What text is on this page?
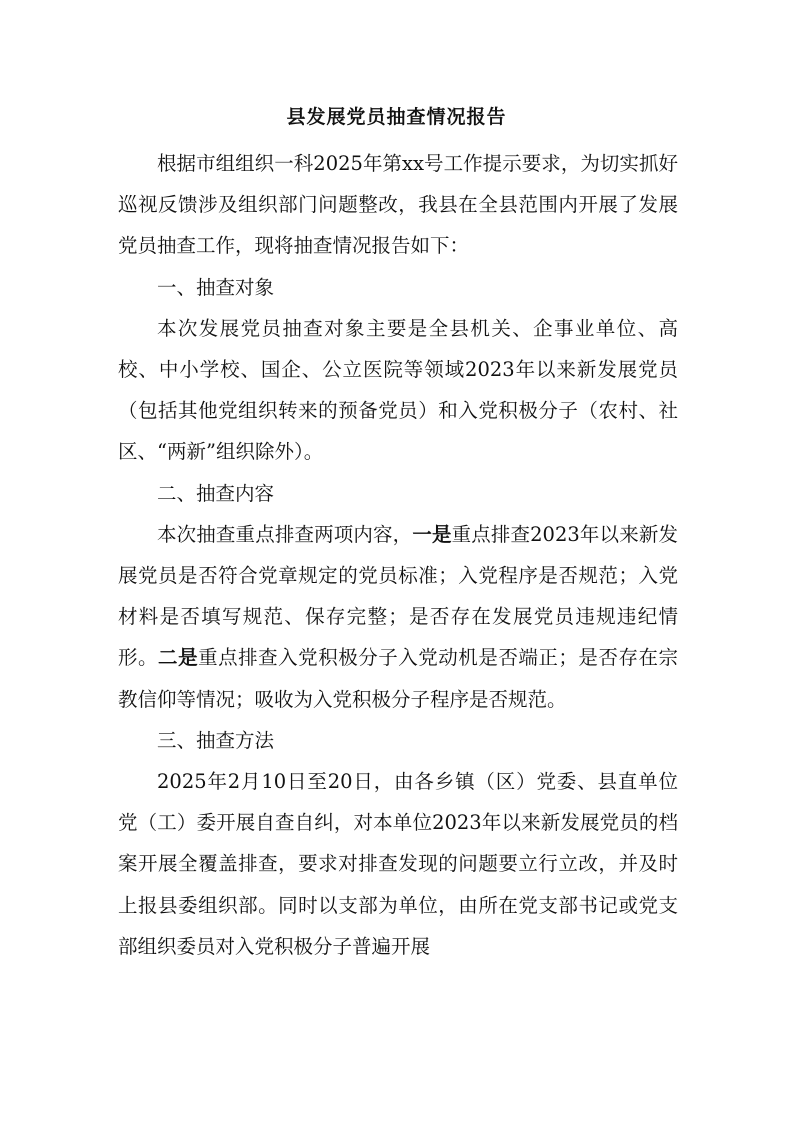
县发展党员抽查情况报告

根据市组组织一科2025年第xx号工作提示要求，为切实抓好巡视反馈涉及组织部门问题整改，我县在全县范围内开展了发展党员抽查工作，现将抽查情况报告如下：

一、抽查对象

本次发展党员抽查对象主要是全县机关、企事业单位、高校、中小学校、国企、公立医院等领域2023年以来新发展党员（包括其他党组织转来的预备党员）和入党积极分子（农村、社区、“两新”组织除外）。

二、抽查内容

本次抽查重点排查两项内容，一是重点排查2023年以来新发展党员是否符合党章规定的党员标准；入党程序是否规范；入党材料是否填写规范、保存完整；是否存在发展党员违规违纪情形。二是重点排查入党积极分子入党动机是否端正；是否存在宗教信仰等情况；吸收为入党积极分子程序是否规范。

三、抽查方法

2025年2月10日至20日，由各乡镇（区）党委、县直单位党（工）委开展自查自纠，对本单位2023年以来新发展党员的档案开展全覆盖排查，要求对排查发现的问题要立行立改，并及时上报县委组织部。同时以支部为单位，由所在党支部书记或党支部组织委员对入党积极分子普遍开展
